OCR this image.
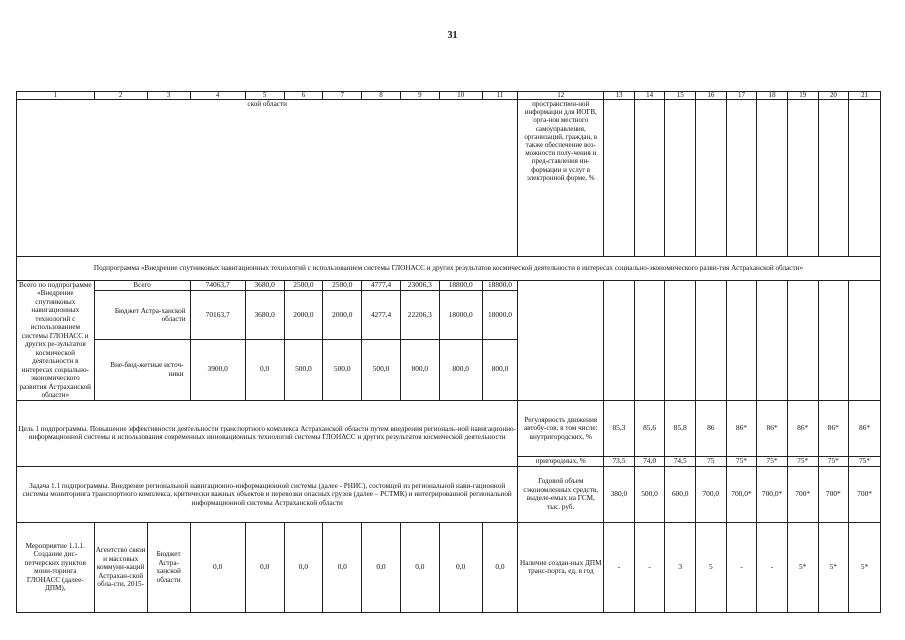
31
1	2	3	4	5	6	7	8	9	10	11	12	13	14	15	16	17	18	19	20	21
ской области											пространствен-ной информации для ИОГВ, орга-нов местного самоуправления, организаций, граждан, в также обеспечение воз-можности полу-чения и пред-ставления ин-формации и услуг в электронной форме, %									
Подпрограмма «Внедрение спутниковых навигационных технологий с использованием системы ГЛОНАСС и других результатов космической деятельности в интересах социально-экономического разви-тия Астраханской области»																				
Всего по подпрограмме «Внедрение спутниковых навигационных технологий с использованием системы ГЛОНАСС и других ре-зультатов космической деятельности в интересах социально-экономического развития Астраханской области»	Всего		74063,7	3680,0	2500,0	2500,0	4777,4	23006,3	18800,0	18800,0										
	Бюджет Астра-ханской области		70163,7	3680,0	2000,0	2000,0	4277,4	22206,3	18000,0	18000,0										
	Вне-бюд-жетные источ-ники		3900,0	0,0	500,0	500,0	500,0	800,0	800,0	800,0										
Цель 1 подпрограммы. Повышение эффективности деятельности транспортного комплекса Астраханской области путем внедрения региональ-ной навигационно-информационной системы и использования современных инновационных технологий системы ГЛОНАСС и других результатов космической деятельности											Регулярность движения автобу-сов, в том числе: внутригородских, %	85,3	85,6	85,8	86	86*	86*	86*	86*	86*
											пригородных, %	73,5	74,0	74,5	75	75*	75*	75*	75*	75*
Задача 1.1 подпрограммы. Внедрение региональной навигационно-информационной системы (далее - РНИС), состоящей из региональной нави-гационной системы мониторинга транспортного комплекса, критически важных объектов и перевозки опасных грузов (далее – РСТМК) и интегрированной региональной информационной системы Астраханской области											Годовой объем сэкономленных средств, выделе-емых на ГСМ, тыс. руб.	380,0	500,0	600,0	700,0	700,0*	700,0*	700*	700*	700*
Мероприятие 1.1.1. Создание дис-петчерских пунктов мони-торинга ГЛОНАСС (далее-ДПМ),	Агентство связи и массовых коммуни-каций Астрахан-ской обла-сти, 2015-	Бюджет Астра-ханской области	0,0	0,0	0,0	0,0	0,0	0,0	0,0	0,0	Наличие создан-ных ДПМ транс-порта, ед. в год	-	-	3	5	-	-	5*	5*	5*
